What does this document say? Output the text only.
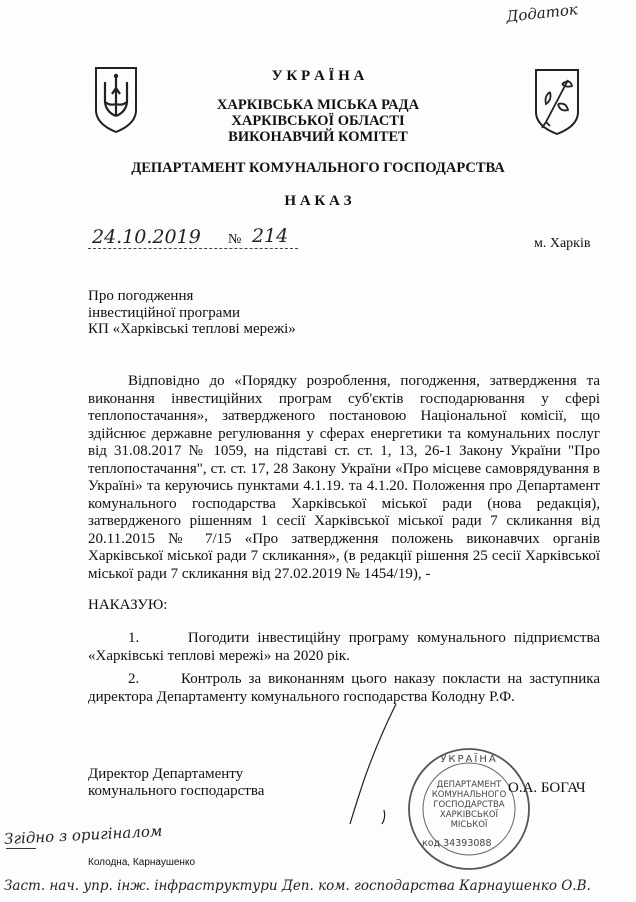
Додаток
У К Р А Ї Н А
ХАРКІВСЬКА МІСЬКА РАДА
ХАРКІВСЬКОЇ ОБЛАСТІ
ВИКОНАВЧИЙ КОМІТЕТ
ДЕПАРТАМЕНТ КОМУНАЛЬНОГО ГОСПОДАРСТВА
Н А К А З
24.10.2019 № 214	м. Харків
Про погодження
інвестиційної програми
КП «Харківські теплові мережі»
Відповідно до «Порядку розроблення, погодження, затвердження та виконання інвестиційних програм суб'єктів господарювання у сфері теплопостачання», затвердженого постановою Національної комісії, що здійснює державне регулювання у сферах енергетики та комунальних послуг від 31.08.2017 № 1059, на підставі ст. ст. 1, 13, 26-1 Закону України "Про теплопостачання", ст. ст. 17, 28 Закону України «Про місцеве самоврядування в Україні» та керуючись пунктами 4.1.19. та 4.1.20. Положення про Департамент комунального господарства Харківської міської ради (нова редакція), затвердженого рішенням 1 сесії Харківської міської ради 7 скликання від 20.11.2015 № 7/15 «Про затвердження положень виконавчих органів Харківської міської ради 7 скликання», (в редакції рішення 25 сесії Харківської міської ради 7 скликання від 27.02.2019 № 1454/19), -
НАКАЗУЮ:
1.	Погодити інвестиційну програму комунального підприємства «Харківські теплові мережі» на 2020 рік.
2.	Контроль за виконанням цього наказу покласти на заступника директора Департаменту комунального господарства Колодну Р.Ф.
Директор Департаменту
комунального господарства
УКРАЇНА
ДЕПАРТАМЕНТ
КОМУНАЛЬНОГО
ГОСПОДАРСТВА
ХАРКІВСЬКОЇ
МІСЬКОЇ
код 34393088
О.А. БОГАЧ
Згідно з оригіналом
Колодна, Карнаушенко
Заст. нач. упр. інж. інфраструктури Деп. ком. господарства Карнаушенко О.В.
